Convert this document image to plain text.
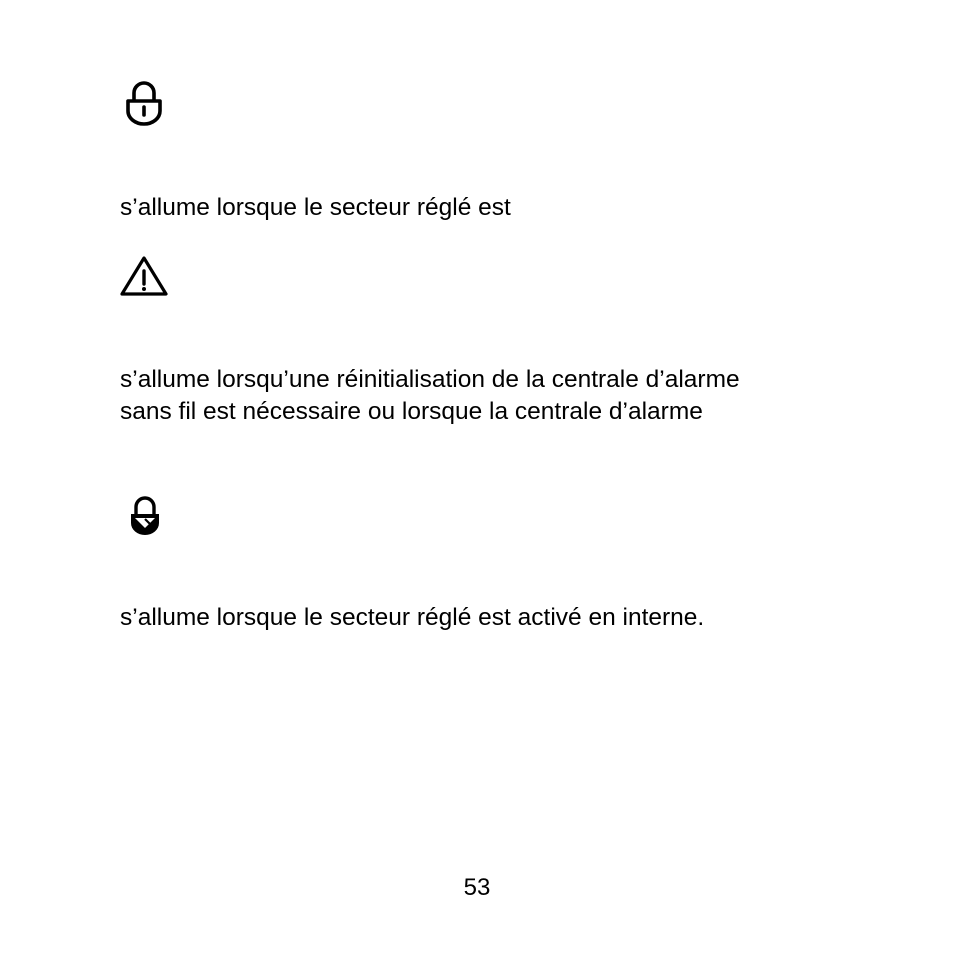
s’allume lorsque le secteur réglé est

s’allume lorsqu’une réinitialisation de la centrale d’alarme
sans fil est nécessaire ou lorsque la centrale d’alarme

s’allume lorsque le secteur réglé est activé en interne.

53
